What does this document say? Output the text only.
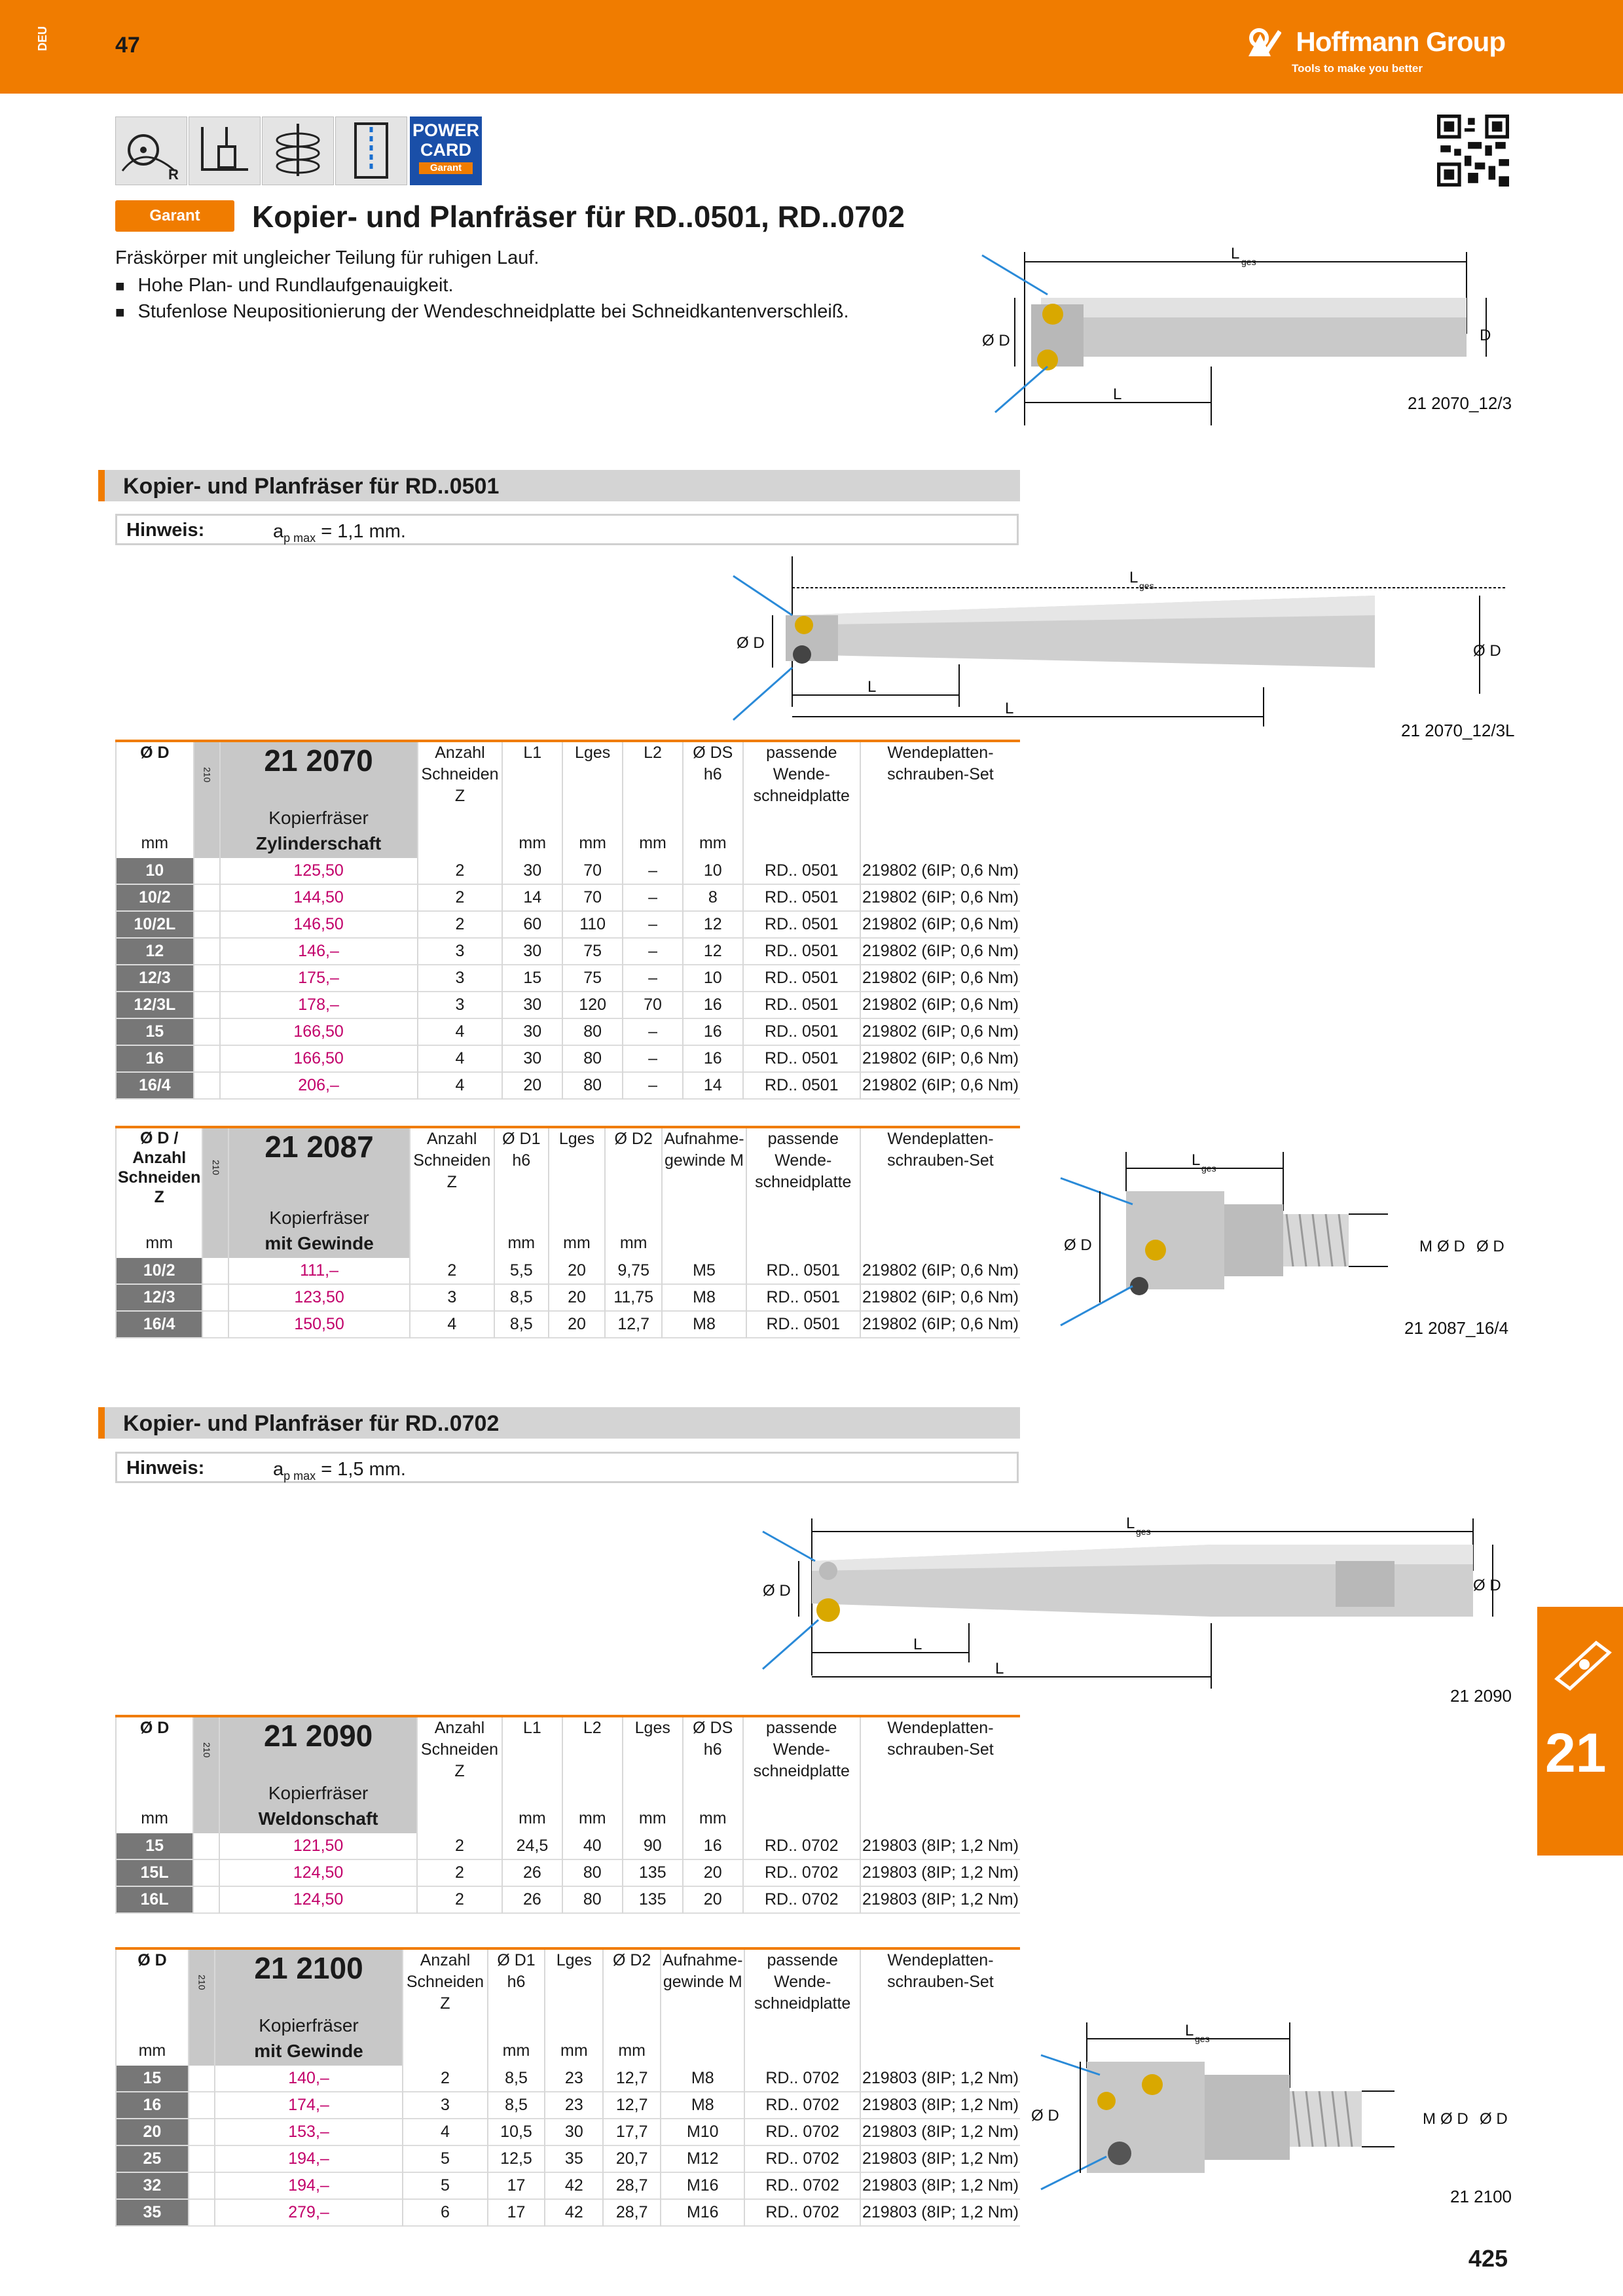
DEU	47	Hoffmann Group
Tools to make you better
R
POWER
CARD
Garant
Garant	Kopier- und Planfräser für RD..0501, RD..0702
Fräskörper mit ungleicher Teilung für ruhigen Lauf.
■ Hohe Plan- und Rundlaufgenauigkeit.
■ Stufenlose Neupositionierung der Wendeschneidplatte bei Schneidkantenverschleiß.
L ges
Ø D	D
L	21 2070_12/3
Kopier- und Planfräser für RD..0501
Hinweis:	$a_{p max} = 1,1$ mm.
L ges
Ø D	Ø D
L
L
21 2070_12/3L
Ø D	210	21 2070	Anzahl Schneiden Z	L1	Lges	L2	Ø DS h6	passende Wende-schneidplatte	Wendeplatten-schrauben-Set
		Kopierfräser							
mm		Zylinderschaft		mm	mm	mm	mm		
10		125,50	2	30	70	–	10	RD.. 0501	219802 (6IP; 0,6 Nm)
10/2		144,50	2	14	70	–	8	RD.. 0501	219802 (6IP; 0,6 Nm)
10/2L		146,50	2	60	110	–	12	RD.. 0501	219802 (6IP; 0,6 Nm)
12		146,–	3	30	75	–	12	RD.. 0501	219802 (6IP; 0,6 Nm)
12/3		175,–	3	15	75	–	10	RD.. 0501	219802 (6IP; 0,6 Nm)
12/3L		178,–	3	30	120	70	16	RD.. 0501	219802 (6IP; 0,6 Nm)
15		166,50	4	30	80	–	16	RD.. 0501	219802 (6IP; 0,6 Nm)
16		166,50	4	30	80	–	16	RD.. 0501	219802 (6IP; 0,6 Nm)
16/4		206,–	4	20	80	–	14	RD.. 0501	219802 (6IP; 0,6 Nm)
Ø D / Anzahl Schneiden Z	210	21 2087	Anzahl Schneiden Z	Ø D1 h6	Lges	Ø D2	Aufnahme-gewinde M	passende Wende-schneidplatte	Wendeplatten-schrauben-Set
		Kopierfräser							
mm		mit Gewinde		mm	mm	mm			
10/2		111,–	2	5,5	20	9,75	M5	RD.. 0501	219802 (6IP; 0,6 Nm)
12/3		123,50	3	8,5	20	11,75	M8	RD.. 0501	219802 (6IP; 0,6 Nm)
16/4		150,50	4	8,5	20	12,7	M8	RD.. 0501	219802 (6IP; 0,6 Nm)
L ges
Ø D	M Ø D Ø D
21 2087_16/4
Kopier- und Planfräser für RD..0702
Hinweis:	$a_{p max} = 1,5$ mm.
L ges
Ø D	Ø D
L
L
21 2090
Ø D	210	21 2090	Anzahl Schneiden Z	L1	L2	Lges	Ø DS h6	passende Wende-schneidplatte	Wendeplatten-schrauben-Set
		Kopierfräser							
mm		Weldonschaft		mm	mm	mm	mm		
15		121,50	2	24,5	40	90	16	RD.. 0702	219803 (8IP; 1,2 Nm)
15L		124,50	2	26	80	135	20	RD.. 0702	219803 (8IP; 1,2 Nm)
16L		124,50	2	26	80	135	20	RD.. 0702	219803 (8IP; 1,2 Nm)
Ø D	210	21 2100	Anzahl Schneiden Z	Ø D1 h6	Lges	Ø D2	Aufnahme-gewinde M	passende Wende-schneidplatte	Wendeplatten-schrauben-Set
		Kopierfräser							
mm		mit Gewinde		mm	mm	mm			
15		140,–	2	8,5	23	12,7	M8	RD.. 0702	219803 (8IP; 1,2 Nm)
16		174,–	3	8,5	23	12,7	M8	RD.. 0702	219803 (8IP; 1,2 Nm)
20		153,–	4	10,5	30	17,7	M10	RD.. 0702	219803 (8IP; 1,2 Nm)
25		194,–	5	12,5	35	20,7	M12	RD.. 0702	219803 (8IP; 1,2 Nm)
32		194,–	5	17	42	28,7	M16	RD.. 0702	219803 (8IP; 1,2 Nm)
35		279,–	6	17	42	28,7	M16	RD.. 0702	219803 (8IP; 1,2 Nm)
L ges
Ø D	M Ø D Ø D
21 2100
21
425
